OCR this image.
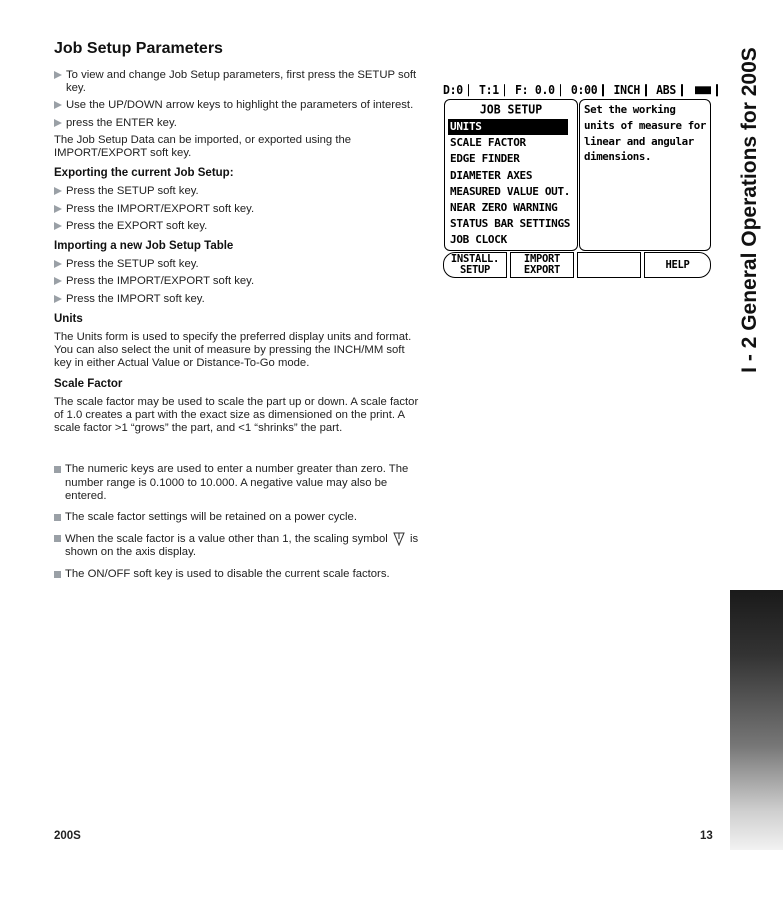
Job Setup Parameters
To view and change Job Setup parameters, first press the SETUP soft key.
Use the UP/DOWN arrow keys to highlight the parameters of interest.
press the ENTER key.

The Job Setup Data can be imported, or exported using the IMPORT/EXPORT soft key.

Exporting the current Job Setup:
Press the SETUP soft key.
Press the IMPORT/EXPORT soft key.
Press the EXPORT soft key.
Importing a new Job Setup Table
Press the SETUP soft key.
Press the IMPORT/EXPORT soft key.
Press the IMPORT soft key.
Units

The Units form is used to specify the preferred display units and format. You can also select the unit of measure by pressing the INCH/MM soft key in either Actual Value or Distance-To-Go mode.

Scale Factor

The scale factor may be used to scale the part up or down. A scale factor of 1.0 creates a part with the exact size as dimensioned on the print. A scale factor >1 “grows” the part, and <1 “shrinks” the part.

The numeric keys are used to enter a number greater than zero. The number range is 0.1000 to 10.000. A negative value may also be entered.
The scale factor settings will be retained on a power cycle.
When the scale factor is a value other than 1, the scaling symbol is shown on the axis display.
The ON/OFF soft key is used to disable the current scale factors.
D:0 T:1 F: 0.0 0:00 INCH ABS
JOB SETUP
UNITS
SCALE FACTOR
EDGE FINDER
DIAMETER AXES
MEASURED VALUE OUT.
NEAR ZERO WARNING
STATUS BAR SETTINGS
JOB CLOCK
Set the working units of measure for linear and angular dimensions.
INSTALL.
SETUP
IMPORT
EXPORT	HELP	I - 2 General Operations for 200S
200S	13
